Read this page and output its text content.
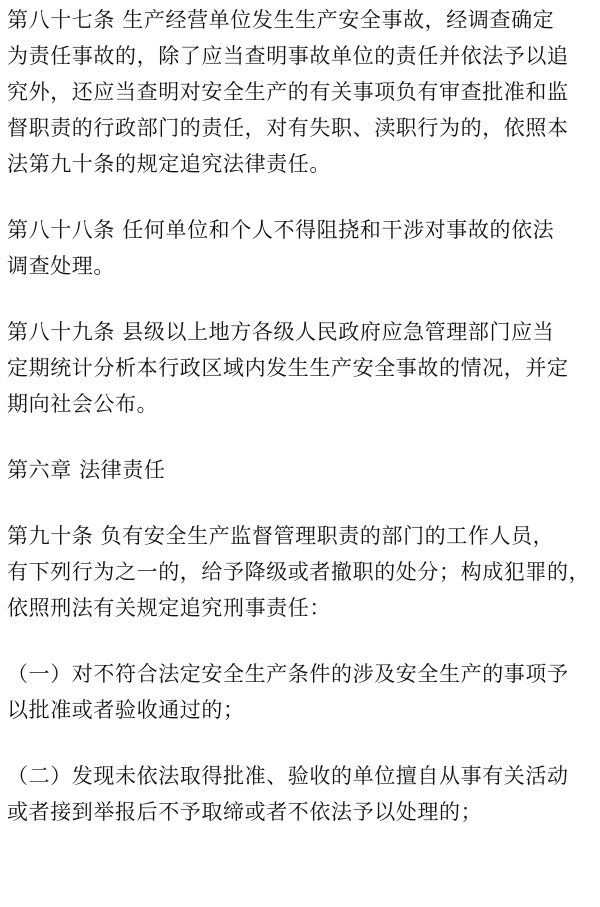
第八十七条 生产经营单位发生生产安全事故，经调查确定
为责任事故的，除了应当查明事故单位的责任并依法予以追
究外，还应当查明对安全生产的有关事项负有审查批准和监
督职责的行政部门的责任，对有失职、渎职行为的，依照本
法第九十条的规定追究法律责任。

第八十八条 任何单位和个人不得阻挠和干涉对事故的依法
调查处理。

第八十九条 县级以上地方各级人民政府应急管理部门应当
定期统计分析本行政区域内发生生产安全事故的情况，并定
期向社会公布。

第六章 法律责任

第九十条 负有安全生产监督管理职责的部门的工作人员，
有下列行为之一的，给予降级或者撤职的处分；构成犯罪的，
依照刑法有关规定追究刑事责任：

（一）对不符合法定安全生产条件的涉及安全生产的事项予
以批准或者验收通过的；

（二）发现未依法取得批准、验收的单位擅自从事有关活动
或者接到举报后不予取缔或者不依法予以处理的；
